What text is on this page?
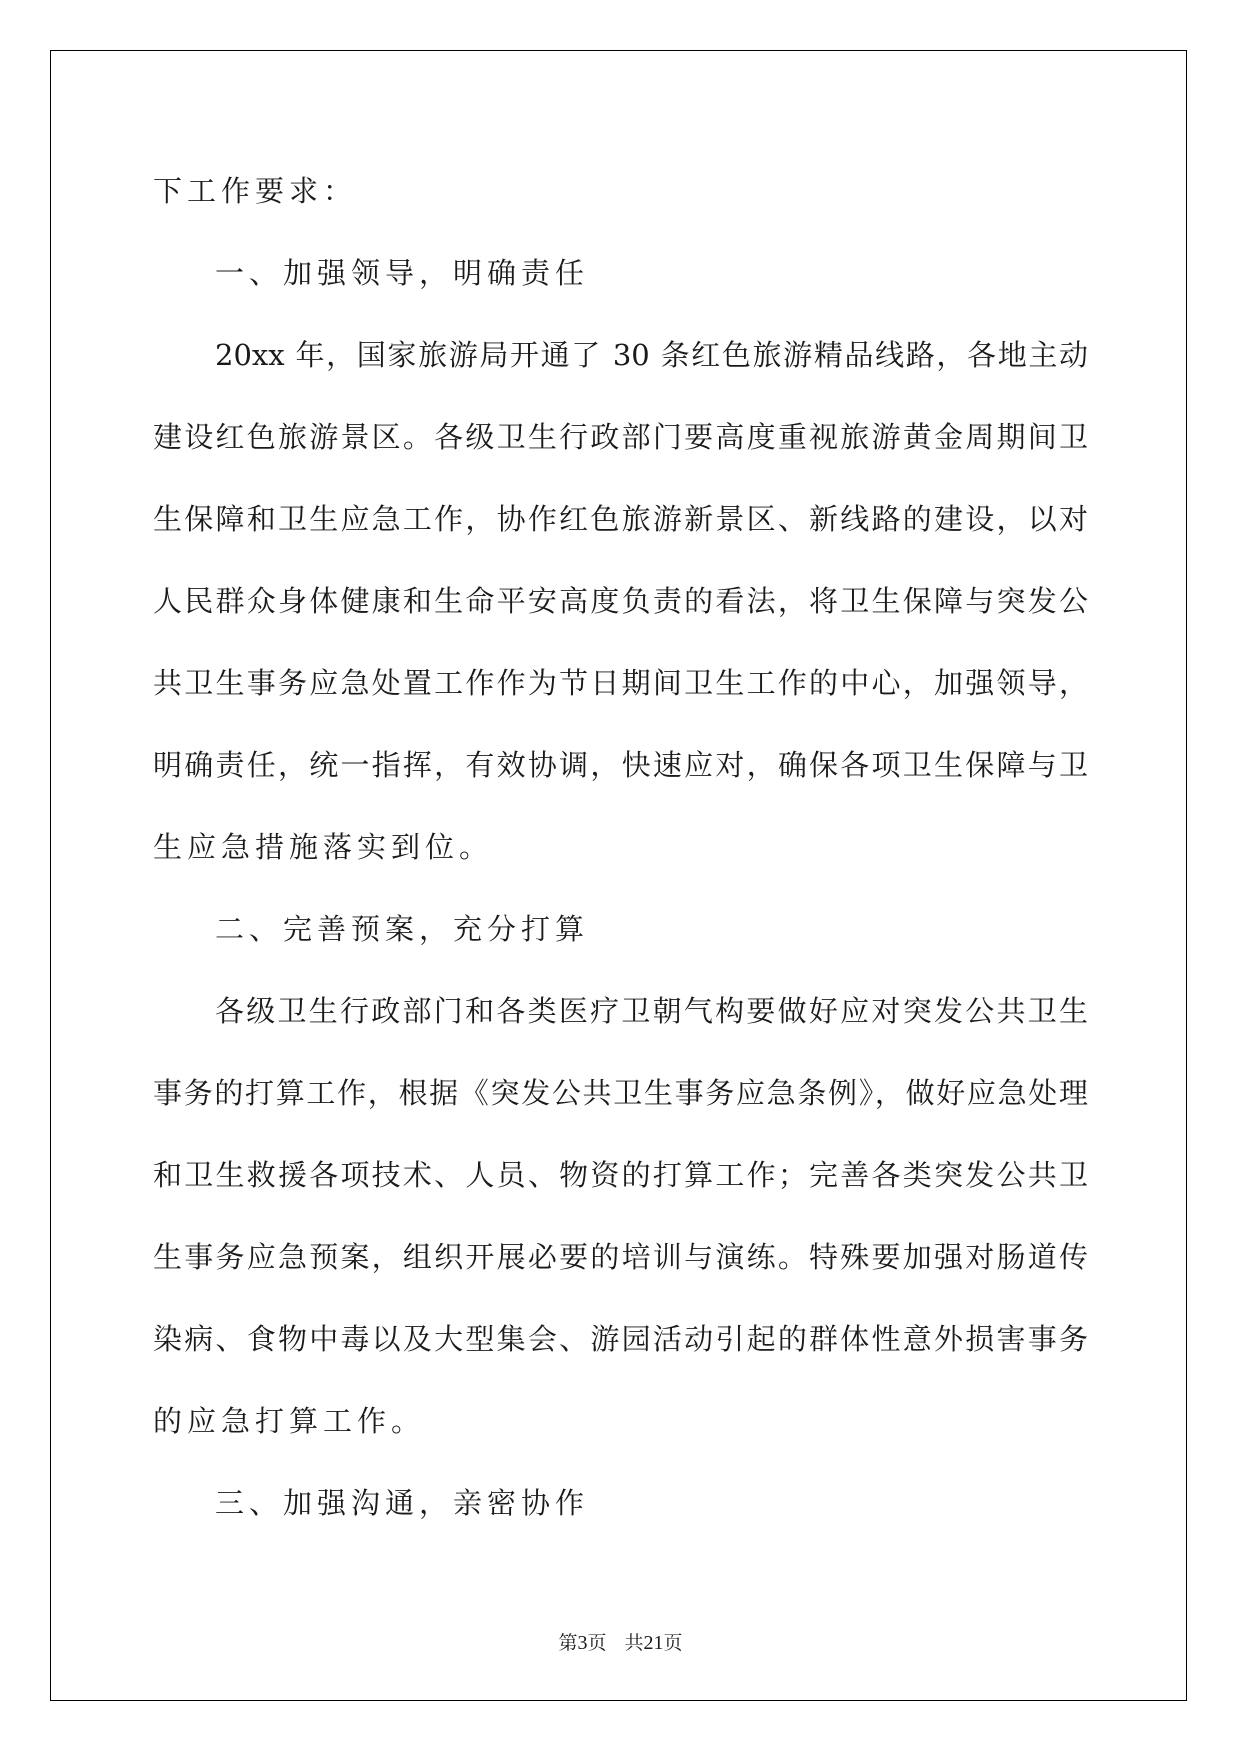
下工作要求：
一、加强领导，明确责任
20xx 年，国家旅游局开通了 30 条红色旅游精品线路，各地主动
建设红色旅游景区。各级卫生行政部门要高度重视旅游黄金周期间卫
生保障和卫生应急工作，协作红色旅游新景区、新线路的建设，以对
人民群众身体健康和生命平安高度负责的看法，将卫生保障与突发公
共卫生事务应急处置工作作为节日期间卫生工作的中心，加强领导，
明确责任，统一指挥，有效协调，快速应对，确保各项卫生保障与卫
生应急措施落实到位。
二、完善预案，充分打算
各级卫生行政部门和各类医疗卫朝气构要做好应对突发公共卫生
事务的打算工作，根据《突发公共卫生事务应急条例》，做好应急处理
和卫生救援各项技术、人员、物资的打算工作；完善各类突发公共卫
生事务应急预案，组织开展必要的培训与演练。特殊要加强对肠道传
染病、食物中毒以及大型集会、游园活动引起的群体性意外损害事务
的应急打算工作。
三、加强沟通，亲密协作
第3页 共21页
